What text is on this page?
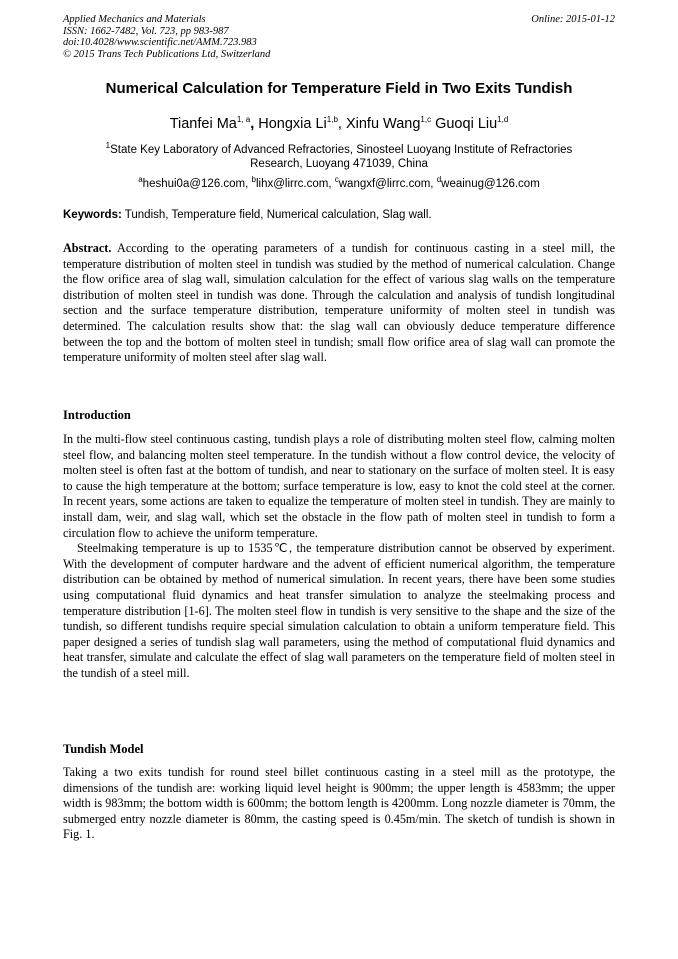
Applied Mechanics and Materials
ISSN: 1662-7482, Vol. 723, pp 983-987
doi:10.4028/www.scientific.net/AMM.723.983
© 2015 Trans Tech Publications Ltd, Switzerland
Online: 2015-01-12
Numerical Calculation for Temperature Field in Two Exits Tundish
Tianfei Ma$^{1, a}$, Hongxia Li$^{1,b}$, Xinfu Wang$^{1,c}$ Guoqi Liu$^{1,d}$
$^1$State Key Laboratory of Advanced Refractories, Sinosteel Luoyang Institute of Refractories Research, Luoyang 471039, China
$^a$heshui0a@126.com, $^b$lihx@lirrc.com, $^c$wangxf@lirrc.com, $^d$weainug@126.com
Keywords: Tundish, Temperature field, Numerical calculation, Slag wall.
Abstract. According to the operating parameters of a tundish for continuous casting in a steel mill, the temperature distribution of molten steel in tundish was studied by the method of numerical calculation. Change the flow orifice area of slag wall, simulation calculation for the effect of various slag walls on the temperature distribution of molten steel in tundish was done. Through the calculation and analysis of tundish longitudinal section and the surface temperature distribution, temperature uniformity of molten steel in tundish was determined. The calculation results show that: the slag wall can obviously deduce temperature difference between the top and the bottom of molten steel in tundish; small flow orifice area of slag wall can promote the temperature uniformity of molten steel after slag wall.
Introduction
In the multi-flow steel continuous casting, tundish plays a role of distributing molten steel flow, calming molten steel flow, and balancing molten steel temperature. In the tundish without a flow control device, the velocity of molten steel is often fast at the bottom of tundish, and near to stationary on the surface of molten steel. It is easy to cause the high temperature at the bottom; surface temperature is low, easy to knot the cold steel at the corner. In recent years, some actions are taken to equalize the temperature of molten steel in tundish. They are mainly to install dam, weir, and slag wall, which set the obstacle in the flow path of molten steel in tundish to form a circulation flow to achieve the uniform temperature.
Steelmaking temperature is up to 1535℃, the temperature distribution cannot be observed by experiment. With the development of computer hardware and the advent of efficient numerical algorithm, the temperature distribution can be obtained by method of numerical simulation. In recent years, there have been some studies using computational fluid dynamics and heat transfer simulation to analyze the steelmaking process and temperature distribution [1-6]. The molten steel flow in tundish is very sensitive to the shape and the size of the tundish, so different tundishs require special simulation calculation to obtain a uniform temperature field. This paper designed a series of tundish slag wall parameters, using the method of computational fluid dynamics and heat transfer, simulate and calculate the effect of slag wall parameters on the temperature field of molten steel in the tundish of a steel mill.
Tundish Model
Taking a two exits tundish for round steel billet continuous casting in a steel mill as the prototype, the dimensions of the tundish are: working liquid level height is 900mm; the upper length is 4583mm; the upper width is 983mm; the bottom width is 600mm; the bottom length is 4200mm. Long nozzle diameter is 70mm, the submerged entry nozzle diameter is 80mm, the casting speed is 0.45m/min. The sketch of tundish is shown in Fig. 1.
